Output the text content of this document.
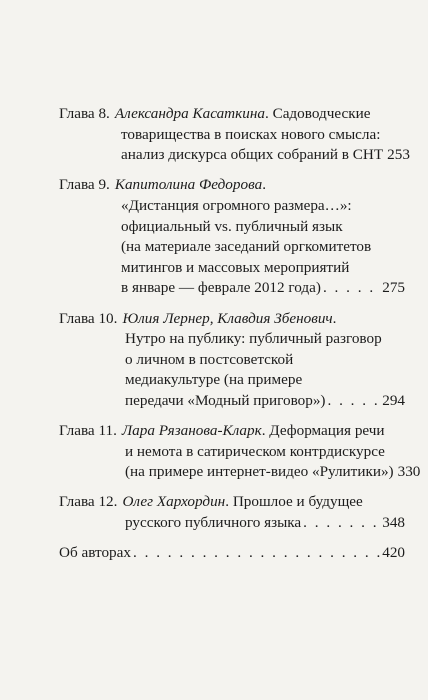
Глава 8. Александра Касаткина. Садоводческие
товарищества в поисках нового смысла:
анализ дискурса общих собраний в СНТ 253
Глава 9. Капитолина Федорова.
«Дистанция огромного размера…»:
официальный vs. публичный язык
(на материале заседаний оргкомитетов
митингов и массовых мероприятий
в январе — феврале 2012 года) . . .	275
Глава 10. Юлия Лернер, Клавдия Збенович.
Нутро на публику: публичный разговор
о личном в постсоветской
медиакультуре (на примере
передачи «Модный приговор») . . .	294
Глава 11. Лара Рязанова-Кларк. Деформация речи
и немота в сатирическом контрдискурсе
(на примере интернет-видео «Рулитики») 330
Глава 12. Олег Хархордин. Прошлое и будущее
русского публичного языка . . .	348
Об авторах . . .	420
